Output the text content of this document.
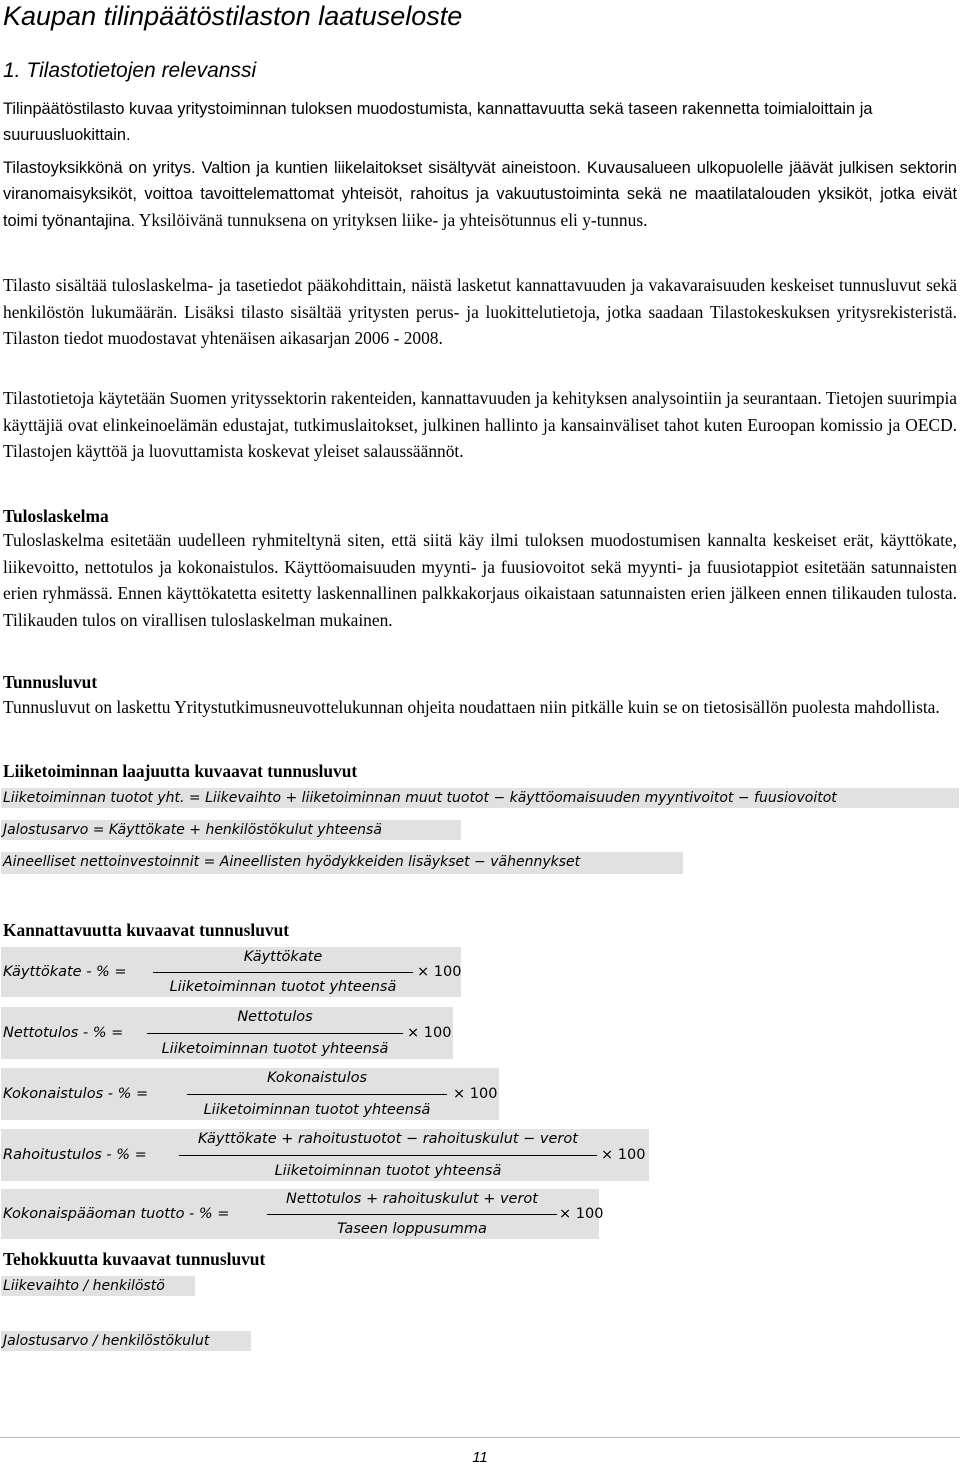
Kaupan tilinpäätöstilaston laatuseloste
1. Tilastotietojen relevanssi

Tilinpäätöstilasto kuvaa yritystoiminnan tuloksen muodostumista, kannattavuutta sekä taseen rakennetta toimialoittain ja suuruusluokittain.

Tilastoyksikkönä on yritys. Valtion ja kuntien liikelaitokset sisältyvät aineistoon. Kuvausalueen ulkopuolelle jäävät julkisen sektorin viranomaisyksiköt, voittoa tavoittelemattomat yhteisöt, rahoitus ja vakuutustoiminta sekä ne maatilatalouden yksiköt, jotka eivät toimi työnantajina. Yksilöivänä tunnuksena on yrityksen liike- ja yhteisötunnus eli y-tunnus.

Tilasto sisältää tuloslaskelma- ja tasetiedot pääkohdittain, näistä lasketut kannattavuuden ja vakavaraisuuden keskeiset tunnusluvut sekä henkilöstön lukumäärän. Lisäksi tilasto sisältää yritysten perus- ja luokittelutietoja, jotka saadaan Tilastokeskuksen yritysrekisteristä. Tilaston tiedot muodostavat yhtenäisen aikasarjan 2006 - 2008.

Tilastotietoja käytetään Suomen yrityssektorin rakenteiden, kannattavuuden ja kehityksen analysointiin ja seurantaan. Tietojen suurimpia käyttäjiä ovat elinkeinoelämän edustajat, tutkimuslaitokset, julkinen hallinto ja kansainväliset tahot kuten Euroopan komissio ja OECD. Tilastojen käyttöä ja luovuttamista koskevat yleiset salaussäännöt.

Tuloslaskelma

Tuloslaskelma esitetään uudelleen ryhmiteltynä siten, että siitä käy ilmi tuloksen muodostumisen kannalta keskeiset erät, käyttökate, liikevoitto, nettotulos ja kokonaistulos. Käyttöomaisuuden myynti- ja fuusiovoitot sekä myynti- ja fuusiotappiot esitetään satunnaisten erien ryhmässä. Ennen käyttökatetta esitetty laskennallinen palkkakorjaus oikaistaan satunnaisten erien jälkeen ennen tilikauden tulosta. Tilikauden tulos on virallisen tuloslaskelman mukainen.

Tunnusluvut

Tunnusluvut on laskettu Yritystutkimusneuvottelukunnan ohjeita noudattaen niin pitkälle kuin se on tietosisällön puolesta mahdollista.

Liiketoiminnan laajuutta kuvaavat tunnusluvut
Liiketoiminnan tuotot yht. = Liikevaihto + liiketoiminnan muut tuotot − käyttöomaisuuden myyntivoitot − fuusiovoitot
Jalostusarvo = Käyttökate + henkilöstökulut yhteensä
Aineelliset nettoinvestoinnit = Aineellisten hyödykkeiden lisäykset − vähennykset
Kannattavuutta kuvaavat tunnusluvut
Käyttökate - % =
Käyttökate
Liiketoiminnan tuotot yhteensä
× 100
Nettotulos - % =
Nettotulos
Liiketoiminnan tuotot yhteensä
× 100
Kokonaistulos - % =
Kokonaistulos
Liiketoiminnan tuotot yhteensä
× 100
Rahoitustulos - % =
Käyttökate + rahoitustuotot − rahoituskulut − verot
Liiketoiminnan tuotot yhteensä
× 100
Kokonaispääoman tuotto - % =
Nettotulos + rahoituskulut + verot
Taseen loppusumma
× 100
Tehokkuutta kuvaavat tunnusluvut
Liikevaihto / henkilöstö
Jalostusarvo / henkilöstökulut
11
